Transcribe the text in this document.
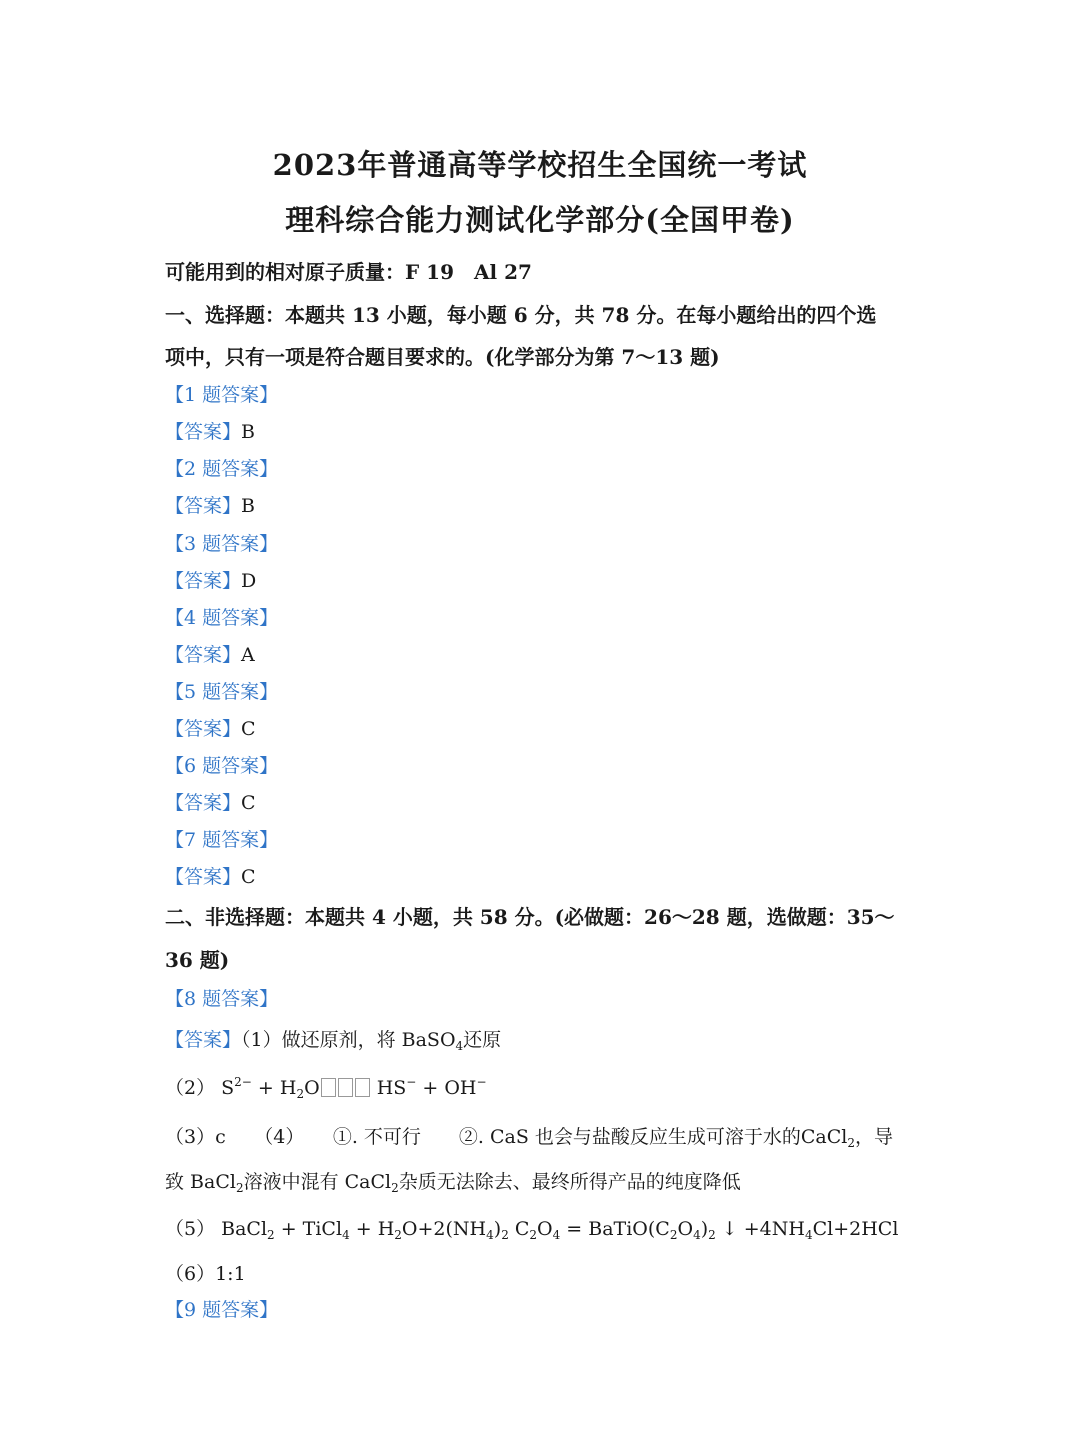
2023年普通高等学校招生全国统一考试
理科综合能力测试化学部分(全国甲卷)
可能用到的相对原子质量：F 19　Al 27
一、选择题：本题共 13 小题，每小题 6 分，共 78 分。在每小题给出的四个选
项中，只有一项是符合题目要求的。(化学部分为第 7～13 题)
【1 题答案】
【答案】B
【2 题答案】
【答案】B
【3 题答案】
【答案】D
【4 题答案】
【答案】A
【5 题答案】
【答案】C
【6 题答案】
【答案】C
【7 题答案】
【答案】C
二、非选择题：本题共 4 小题，共 58 分。(必做题：26～28 题，选做题：35～
36 题)
【8 题答案】
【答案】（1）做还原剂，将 BaSO$_4$还原
（2） $S^{2-} + H_2O$	HS− + OH−
（3）c　　（4）　　①. 不可行　　②. CaS 也会与盐酸反应生成可溶于水的CaCl$_2$，导
致 BaCl$_2$溶液中混有 CaCl$_2$杂质无法除去、最终所得产品的纯度降低
（5） BaCl$_2$ + TiCl$_4$ + $H_2O+2(NH_4)_2$ $C_2O_4$ = $BaTiO(C_2O_4)_2$ ↓ $+4NH_4Cl+2HCl$
（6）1:1
【9 题答案】
